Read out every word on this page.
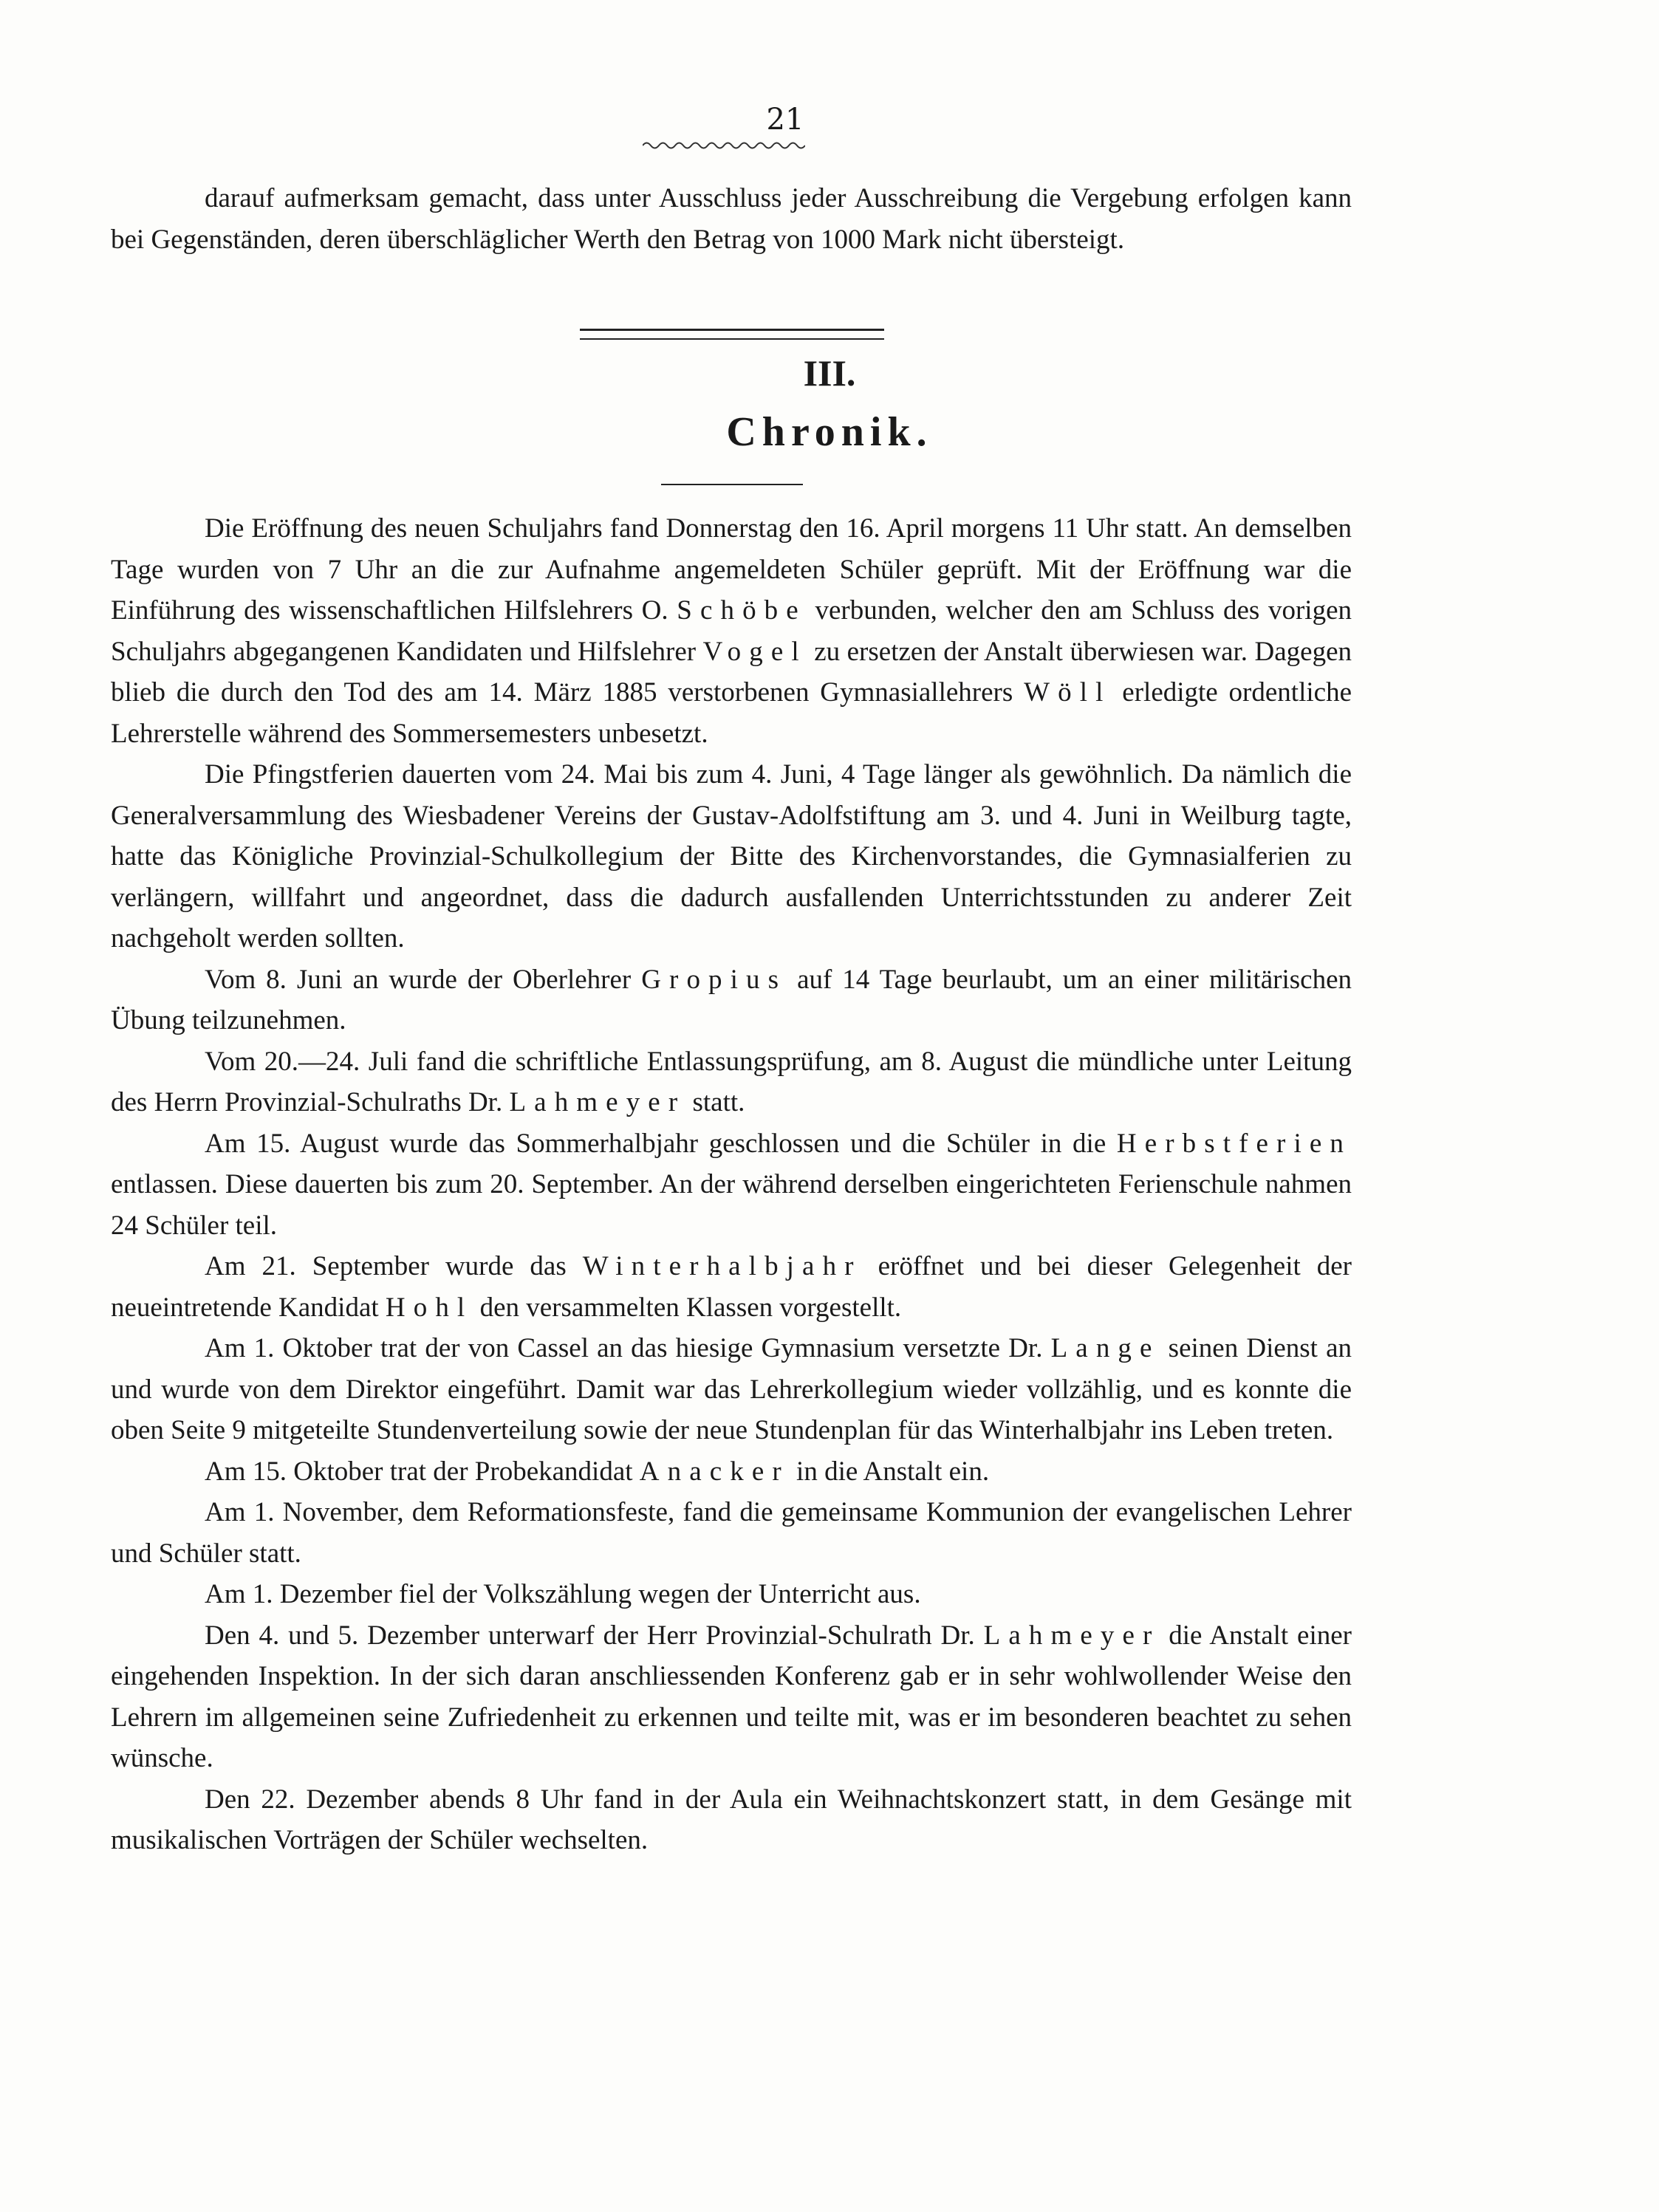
21

darauf aufmerksam gemacht, dass unter Ausschluss jeder Ausschreibung die Vergebung erfolgen kann bei Gegenständen, deren überschläglicher Werth den Betrag von 1000 Mark nicht übersteigt.

III.
Chronik.

Die Eröffnung des neuen Schuljahrs fand Donnerstag den 16. April morgens 11 Uhr statt. An demselben Tage wurden von 7 Uhr an die zur Aufnahme angemeldeten Schüler geprüft. Mit der Eröffnung war die Einführung des wissenschaftlichen Hilfslehrers O. Schöbe verbunden, welcher den am Schluss des vorigen Schuljahrs abgegangenen Kandidaten und Hilfslehrer Vogel zu ersetzen der Anstalt überwiesen war. Dagegen blieb die durch den Tod des am 14. März 1885 verstorbenen Gymnasiallehrers Wöll erledigte ordentliche Lehrerstelle während des Sommersemesters unbesetzt.

Die Pfingstferien dauerten vom 24. Mai bis zum 4. Juni, 4 Tage länger als gewöhnlich. Da nämlich die Generalversammlung des Wiesbadener Vereins der Gustav-Adolfstiftung am 3. und 4. Juni in Weilburg tagte, hatte das Königliche Provinzial-Schulkollegium der Bitte des Kirchenvorstandes, die Gymnasialferien zu verlängern, willfahrt und angeordnet, dass die dadurch ausfallenden Unterrichtsstunden zu anderer Zeit nachgeholt werden sollten.

Vom 8. Juni an wurde der Oberlehrer Gropius auf 14 Tage beurlaubt, um an einer militärischen Übung teilzunehmen.

Vom 20.—24. Juli fand die schriftliche Entlassungsprüfung, am 8. August die mündliche unter Leitung des Herrn Provinzial-Schulraths Dr. Lahmeyer statt.

Am 15. August wurde das Sommerhalbjahr geschlossen und die Schüler in die Herbstferien entlassen. Diese dauerten bis zum 20. September. An der während derselben eingerichteten Ferienschule nahmen 24 Schüler teil.

Am 21. September wurde das Winterhalbjahr eröffnet und bei dieser Gelegenheit der neueintretende Kandidat Hohl den versammelten Klassen vorgestellt.

Am 1. Oktober trat der von Cassel an das hiesige Gymnasium versetzte Dr. Lange seinen Dienst an und wurde von dem Direktor eingeführt. Damit war das Lehrerkollegium wieder vollzählig, und es konnte die oben Seite 9 mitgeteilte Stundenverteilung sowie der neue Stundenplan für das Winterhalbjahr ins Leben treten.

Am 15. Oktober trat der Probekandidat Anacker in die Anstalt ein.

Am 1. November, dem Reformationsfeste, fand die gemeinsame Kommunion der evangelischen Lehrer und Schüler statt.

Am 1. Dezember fiel der Volkszählung wegen der Unterricht aus.

Den 4. und 5. Dezember unterwarf der Herr Provinzial-Schulrath Dr. Lahmeyer die Anstalt einer eingehenden Inspektion. In der sich daran anschliessenden Konferenz gab er in sehr wohlwollender Weise den Lehrern im allgemeinen seine Zufriedenheit zu erkennen und teilte mit, was er im besonderen beachtet zu sehen wünsche.

Den 22. Dezember abends 8 Uhr fand in der Aula ein Weihnachtskonzert statt, in dem Gesänge mit musikalischen Vorträgen der Schüler wechselten.
